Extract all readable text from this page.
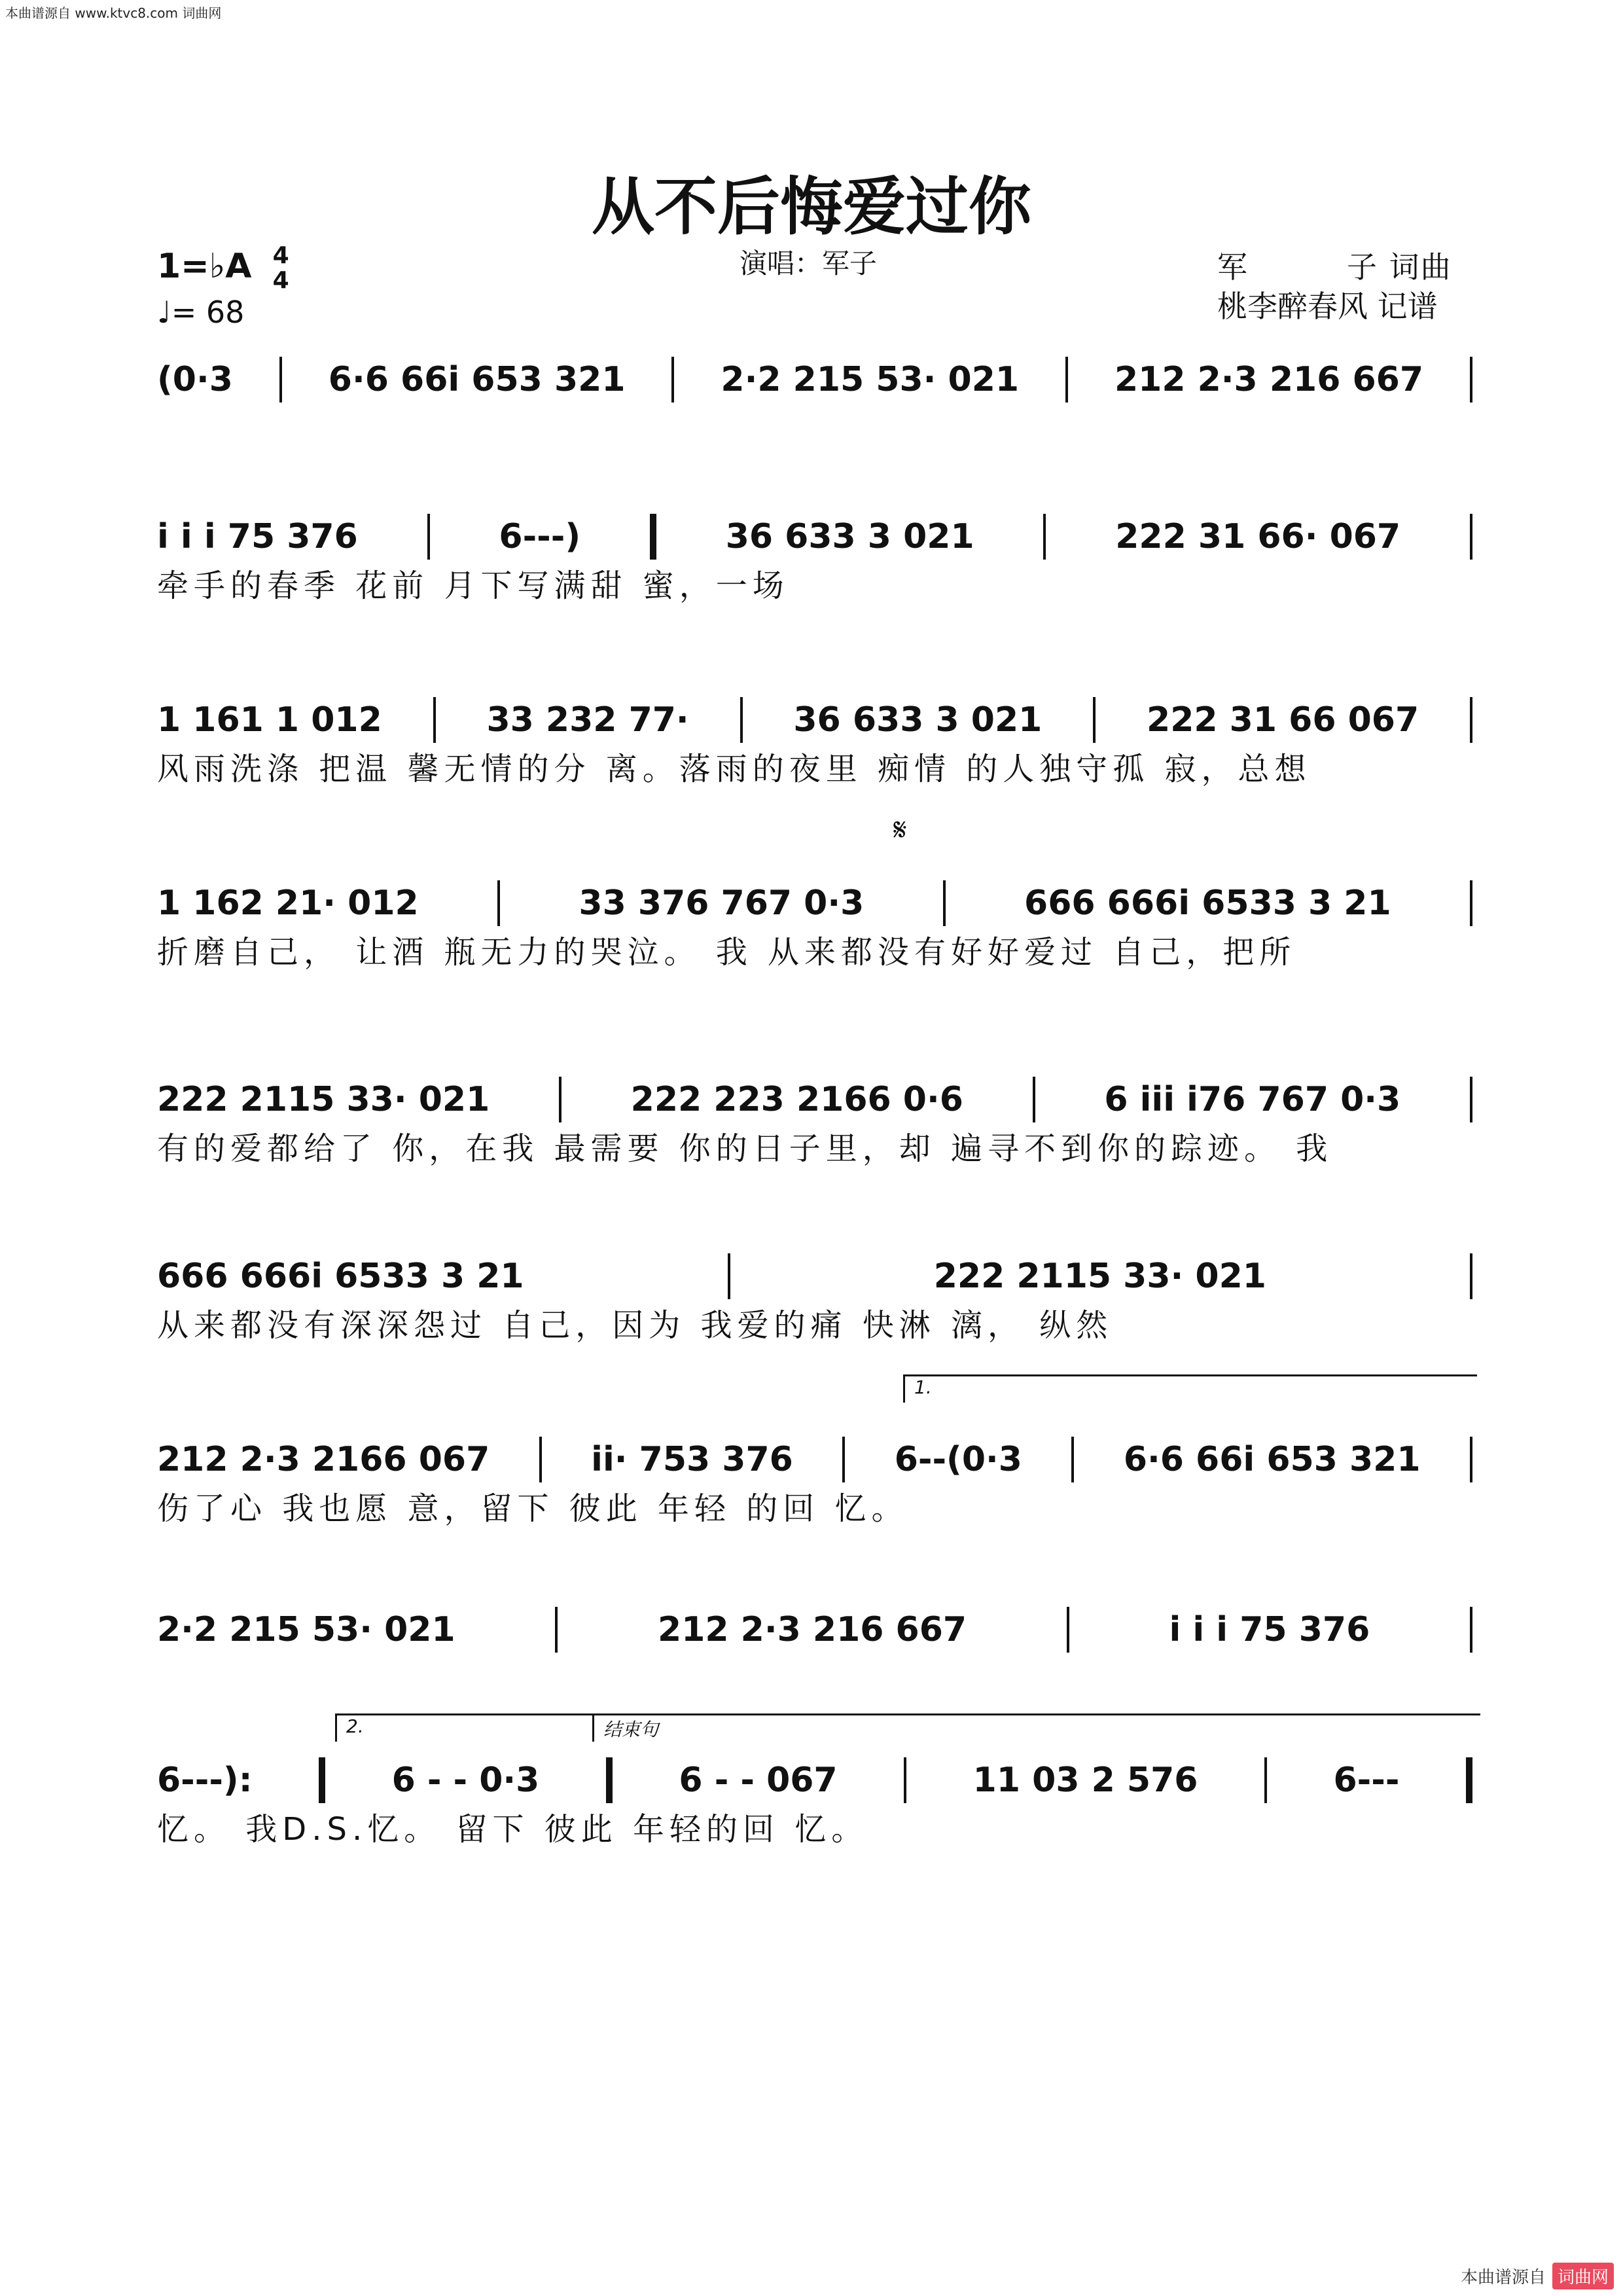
本曲谱源自 www.ktvc8.com 词曲网
从不后悔爱过你
1=♭A 4
4
♩= 68
演唱：军子	军	子 词曲
桃李醉春风 记谱
(0·3	6·6 66i 653 321	2·2 215 53· 021	212 2·3 216 667
i i i 75 376	6---)	36 633 3 021	222 31 66· 067
牵手的春季 花前 月下写满甜 蜜，一场
1 161 1 012	33 232 77·	36 633 3 021	222 31 66 067
风雨洗涤 把温 馨无情的分 离。落雨的夜里 痴情 的人独守孤 寂，总想
1 162 21· 012	33 376 767 0·3	666 666i 6533 3 21
折磨自己， 让酒 瓶无力的哭泣。 我 从来都没有好好爱过 自己，把所
222 2115 33· 021	222 223 2166 0·6	6 iii i76 767 0·3
有的爱都给了 你，在我 最需要 你的日子里，却 遍寻不到你的踪迹。 我
666 666i 6533 3 21	222 2115 33· 021
从来都没有深深怨过 自己，因为 我爱的痛 快淋 漓， 纵然
212 2·3 2166 067	ii· 753 376	6--(0·3	6·6 66i 653 321
伤了心 我也愿 意，留下 彼此 年轻 的回 忆。
2·2 215 53· 021	212 2·3 216 667	i i i 75 376
6---):	6 - - 0·3	6 - - 067	11 03 2 576	6---
忆。 我D.S.忆。 留下 彼此 年轻的回 忆。
𝄋
1.
2.	结束句
本曲谱源自 词曲网
